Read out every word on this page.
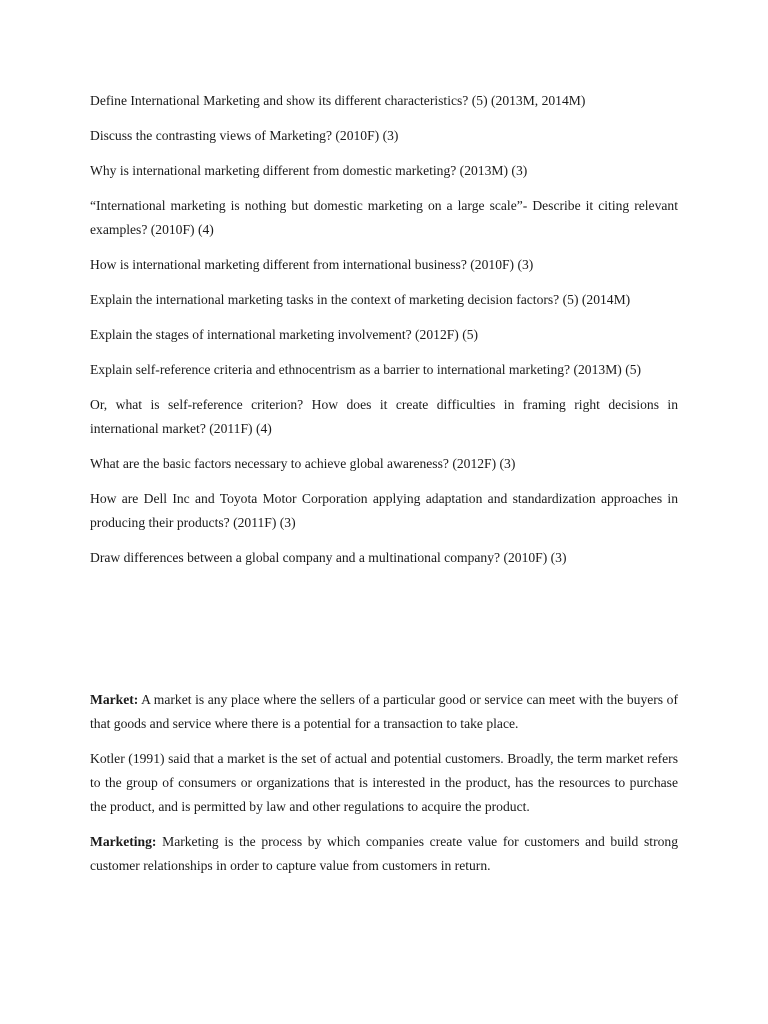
Define International Marketing and show its different characteristics? (5) (2013M, 2014M)

Discuss the contrasting views of Marketing? (2010F) (3)

Why is international marketing different from domestic marketing? (2013M) (3)

“International marketing is nothing but domestic marketing on a large scale”- Describe it citing relevant examples? (2010F) (4)

How is international marketing different from international business? (2010F) (3)

Explain the international marketing tasks in the context of marketing decision factors? (5) (2014M)

Explain the stages of international marketing involvement? (2012F) (5)

Explain self-reference criteria and ethnocentrism as a barrier to international marketing? (2013M) (5)

Or, what is self-reference criterion? How does it create difficulties in framing right decisions in international market? (2011F) (4)

What are the basic factors necessary to achieve global awareness? (2012F) (3)

How are Dell Inc and Toyota Motor Corporation applying adaptation and standardization approaches in producing their products? (2011F) (3)

Draw differences between a global company and a multinational company? (2010F) (3)

Market: A market is any place where the sellers of a particular good or service can meet with the buyers of that goods and service where there is a potential for a transaction to take place.

Kotler (1991) said that a market is the set of actual and potential customers. Broadly, the term market refers to the group of consumers or organizations that is interested in the product, has the resources to purchase the product, and is permitted by law and other regulations to acquire the product.

Marketing: Marketing is the process by which companies create value for customers and build strong customer relationships in order to capture value from customers in return.
